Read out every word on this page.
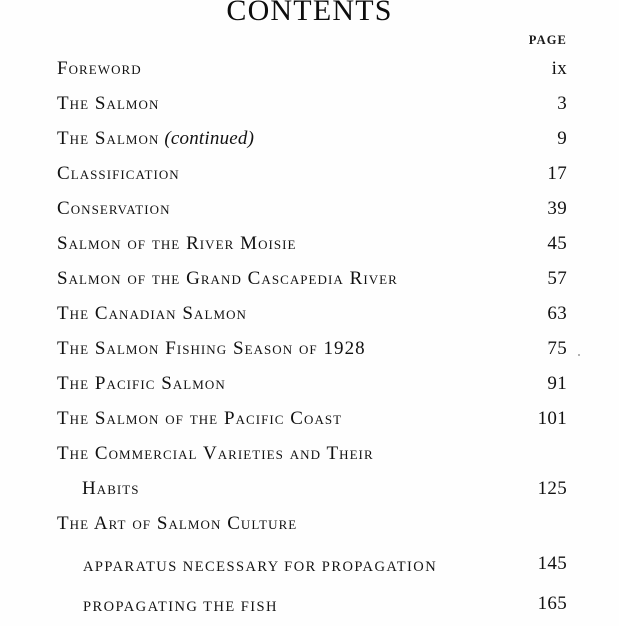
CONTENTS
PAGE
Foreword	ix
The Salmon	3
The Salmon (continued)	9
Classification	17
Conservation	39
Salmon of the River Moisie	45
Salmon of the Grand Cascapedia River	57
The Canadian Salmon	63
The Salmon Fishing Season of 1928	75
The Pacific Salmon	91
The Salmon of the Pacific Coast	101
The Commercial Varieties and Their
Habits	125
The Art of Salmon Culture
APPARATUS NECESSARY FOR PROPAGATION	145
PROPAGATING THE FISH	165
